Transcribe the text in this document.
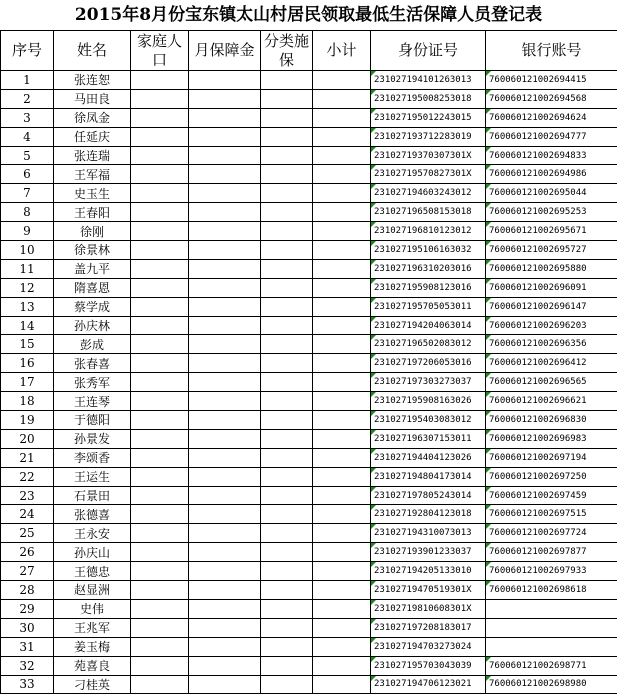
2015年8月份宝东镇太山村居民领取最低生活保障人员登记表
序号	姓名	家庭人口	月保障金	分类施保	小计	身份证号	银行账号
1	张连恕					231027194101263013	760060121002694415
2	马田良					231027195008253018	760060121002694568
3	徐凤金					231027195012243015	760060121002694624
4	任延庆					231027193712283019	760060121002694777
5	张连瑞					23102719370307301X	760060121002694833
6	王军福					23102719570827301X	760060121002694986
7	史玉生					231027194603243012	760060121002695044
8	王春阳					231027196508153018	760060121002695253
9	徐刚					231027196810123012	760060121002695671
10	徐景林					231027195106163032	760060121002695727
11	盖九平					231027196310203016	760060121002695880
12	隋喜恩					231027195908123016	760060121002696091
13	蔡学成					231027195705053011	760060121002696147
14	孙庆林					231027194204063014	760060121002696203
15	彭成					231027196502083012	760060121002696356
16	张春喜					231027197206053016	760060121002696412
17	张秀军					231027197303273037	760060121002696565
18	王连琴					231027195908163026	760060121002696621
19	于德阳					231027195403083012	760060121002696830
20	孙景发					231027196307153011	760060121002696983
21	李颂香					231027194404123026	760060121002697194
22	王运生					231027194804173014	760060121002697250
23	石景田					231027197805243014	760060121002697459
24	张德喜					231027192804123018	760060121002697515
25	王永安					231027194310073013	760060121002697724
26	孙庆山					231027193901233037	760060121002697877
27	王德忠					231027194205133010	760060121002697933
28	赵显洲					23102719470519301X	760060121002698618
29	史伟					23102719810608301X	
30	王兆军					231027197208183017	
31	姜玉梅					231027194703273024	
32	苑喜良					231027195703043039	760060121002698771
33	刁桂英					231027194706123021	760060121002698980
